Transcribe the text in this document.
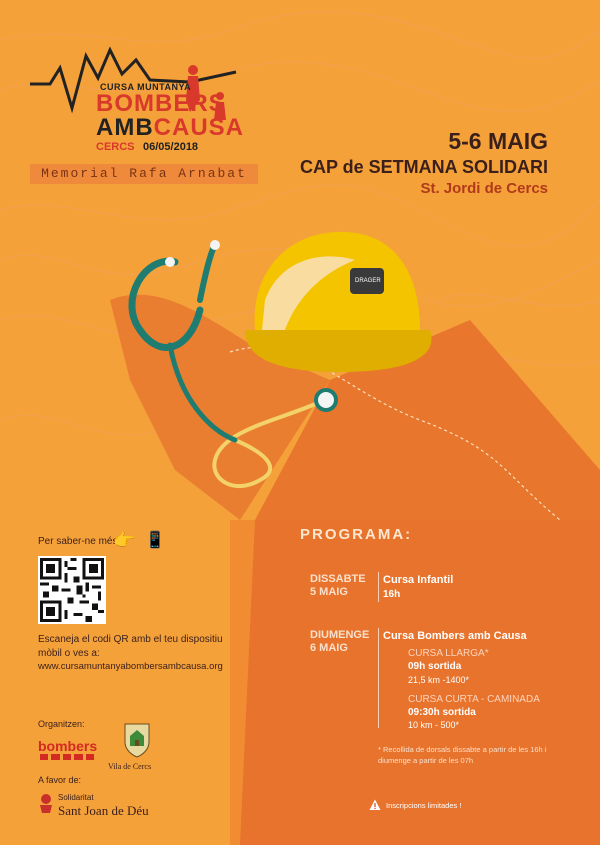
DRAGER
CURSA MUNTANYA
BOMBERS
AMBCAUSA
CERCS 06/05/2018
Memorial Rafa Arnabat
5-6 MAIG
CAP de SETMANA SOLIDARI
St. Jordi de Cercs
Per saber-ne més:
👉 📱
Escaneja el codi QR amb el teu dispositiu mòbil o ves a:
www.cursamuntanyabombersambcausa.org
Organitzen:
bombers
Vila de Cercs
A favor de:
Solidaritat
Sant Joan de Déu
PROGRAMA:
DISSABTE
5 MAIG
Cursa Infantil
16h
DIUMENGE
6 MAIG
Cursa Bombers amb Causa
CURSA LLARGA*
09h sortida
21,5 km -1400*
CURSA CURTA - CAMINADA
09:30h sortida
10 km - 500*
* Recollida de dorsals dissabte a partir de les 16h i diumenge a partir de les 07h
Inscripcions limitades !
